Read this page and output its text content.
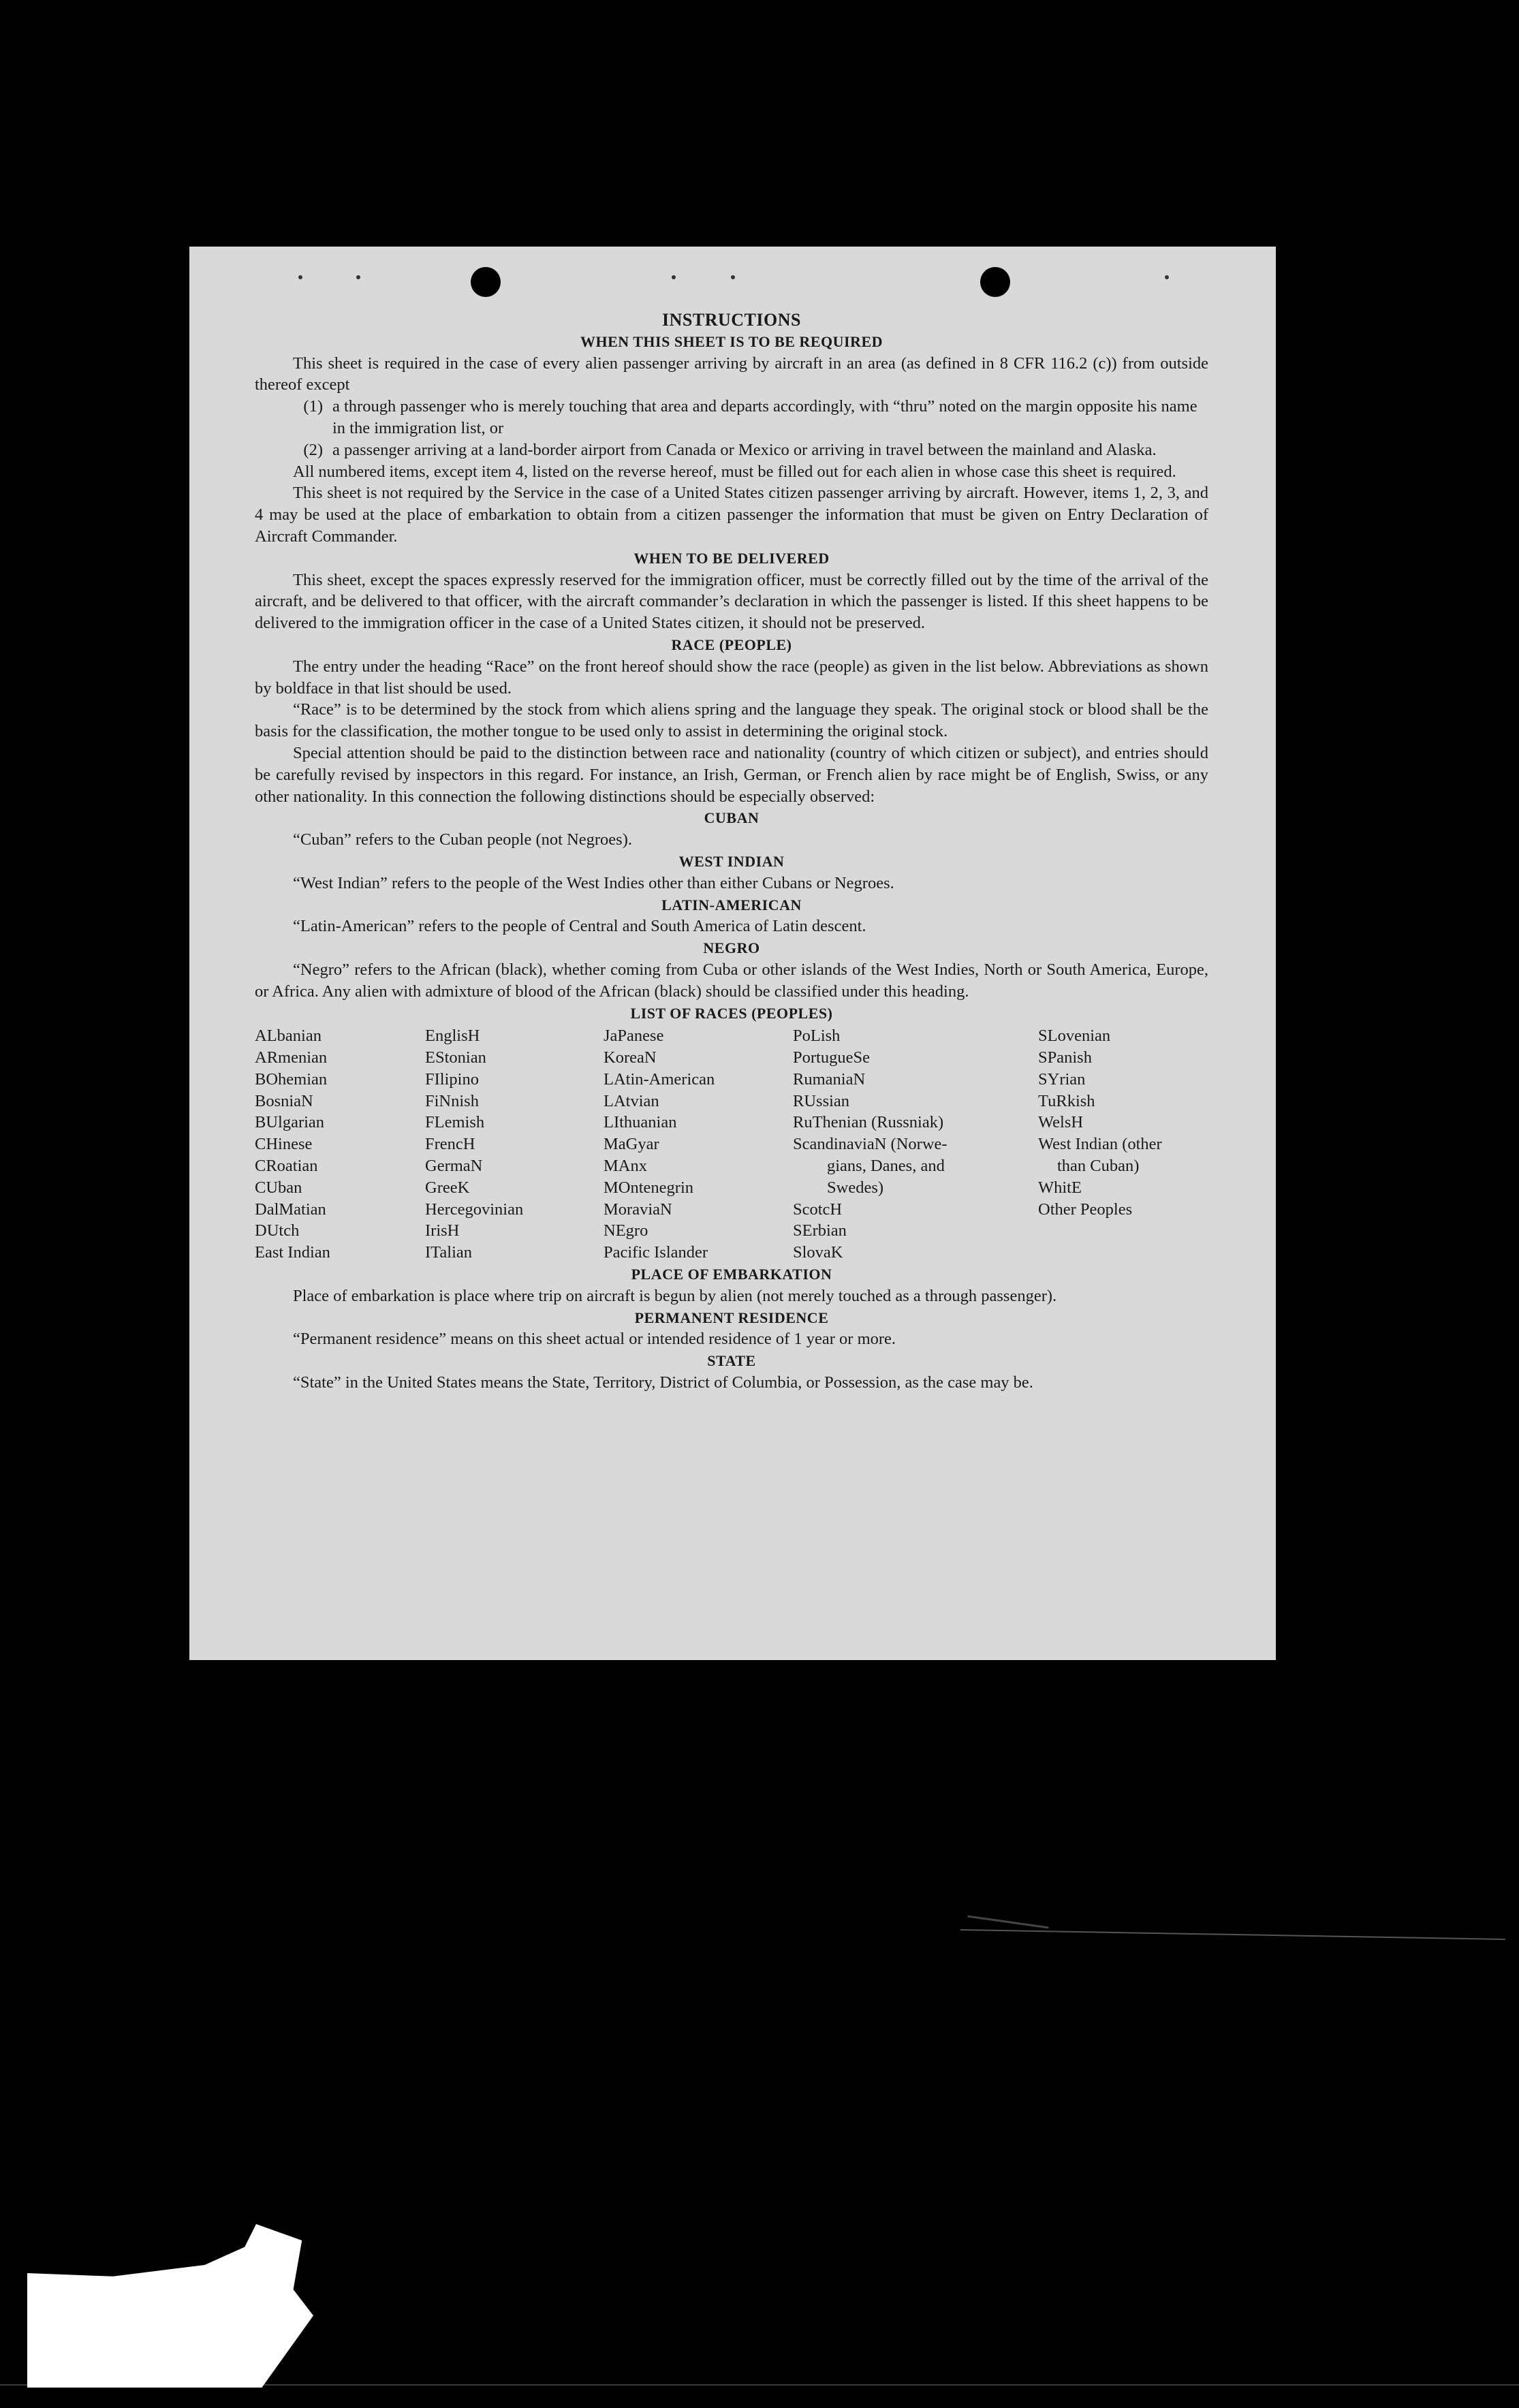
INSTRUCTIONS
WHEN THIS SHEET IS TO BE REQUIRED
This sheet is required in the case of every alien passenger arriving by aircraft in an area (as defined in 8 CFR 116.2 (c)) from outside thereof except
(1) a through passenger who is merely touching that area and departs accordingly, with “thru” noted on the margin opposite his name in the immigration list, or
(2) a passenger arriving at a land-border airport from Canada or Mexico or arriving in travel between the mainland and Alaska.
All numbered items, except item 4, listed on the reverse hereof, must be filled out for each alien in whose case this sheet is required.
This sheet is not required by the Service in the case of a United States citizen passenger arriving by aircraft. However, items 1, 2, 3, and 4 may be used at the place of embarkation to obtain from a citizen passenger the information that must be given on Entry Declaration of Aircraft Commander.
WHEN TO BE DELIVERED
This sheet, except the spaces expressly reserved for the immigration officer, must be correctly filled out by the time of the arrival of the aircraft, and be delivered to that officer, with the aircraft commander’s declaration in which the passenger is listed. If this sheet happens to be delivered to the immigration officer in the case of a United States citizen, it should not be preserved.
RACE (PEOPLE)
The entry under the heading “Race” on the front hereof should show the race (people) as given in the list below. Abbreviations as shown by boldface in that list should be used.
“Race” is to be determined by the stock from which aliens spring and the language they speak. The original stock or blood shall be the basis for the classification, the mother tongue to be used only to assist in determining the original stock.
Special attention should be paid to the distinction between race and nationality (country of which citizen or subject), and entries should be carefully revised by inspectors in this regard. For instance, an Irish, German, or French alien by race might be of English, Swiss, or any other nationality. In this connection the following distinctions should be especially observed:
CUBAN
“Cuban” refers to the Cuban people (not Negroes).
WEST INDIAN
“West Indian” refers to the people of the West Indies other than either Cubans or Negroes.
LATIN-AMERICAN
“Latin-American” refers to the people of Central and South America of Latin descent.
NEGRO
“Negro” refers to the African (black), whether coming from Cuba or other islands of the West Indies, North or South America, Europe, or Africa. Any alien with admixture of blood of the African (black) should be classified under this heading.
LIST OF RACES (PEOPLES)
ALbanian
ARmenian
BOhemian
BosniaN
BUlgarian
CHinese
CRoatian
CUban
DalMatian
DUtch
East Indian
EnglisH
EStonian
FIlipino
FiNnish
FLemish
FrencH
GermaN
GreeK
Hercegovinian
IrisH
ITalian
JaPanese
KoreaN
LAtin-American
LAtvian
LIthuanian
MaGyar
MAnx
MOntenegrin
MoraviaN
NEgro
Pacific Islander
PoLish
PortugueSe
RumaniaN
RUssian
RuThenian (Russniak)
ScandinaviaN (Norwe-
gians, Danes, and
Swedes)
ScotcH
SErbian
SlovaK
SLovenian
SPanish
SYrian
TuRkish
WelsH
West Indian (other
than Cuban)
WhitE
Other Peoples
PLACE OF EMBARKATION
Place of embarkation is place where trip on aircraft is begun by alien (not merely touched as a through passenger).
PERMANENT RESIDENCE
“Permanent residence” means on this sheet actual or intended residence of 1 year or more.
STATE
“State” in the United States means the State, Territory, District of Columbia, or Possession, as the case may be.
